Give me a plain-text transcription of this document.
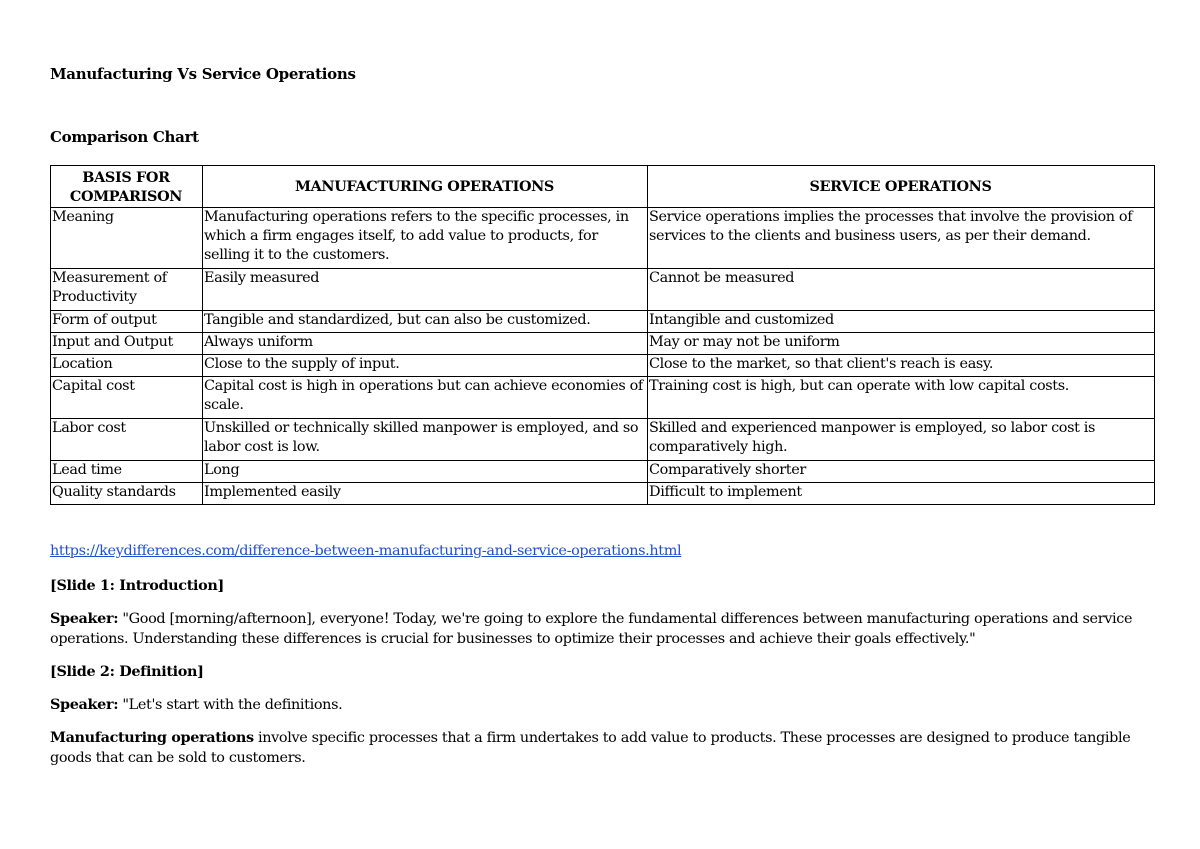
Manufacturing Vs Service Operations
Comparison Chart
BASIS FOR COMPARISON	MANUFACTURING OPERATIONS	SERVICE OPERATIONS
Meaning	Manufacturing operations refers to the specific processes, in which a firm engages itself, to add value to products, for selling it to the customers.	Service operations implies the processes that involve the provision of services to the clients and business users, as per their demand.
Measurement of Productivity	Easily measured	Cannot be measured
Form of output	Tangible and standardized, but can also be customized.	Intangible and customized
Input and Output	Always uniform	May or may not be uniform
Location	Close to the supply of input.	Close to the market, so that client's reach is easy.
Capital cost	Capital cost is high in operations but can achieve economies of scale.	Training cost is high, but can operate with low capital costs.
Labor cost	Unskilled or technically skilled manpower is employed, and so labor cost is low.	Skilled and experienced manpower is employed, so labor cost is comparatively high.
Lead time	Long	Comparatively shorter
Quality standards	Implemented easily	Difficult to implement
https://keydifferences.com/difference-between-manufacturing-and-service-operations.html
[Slide 1: Introduction]
Speaker: "Good [morning/afternoon], everyone! Today, we're going to explore the fundamental differences between manufacturing operations and service operations. Understanding these differences is crucial for businesses to optimize their processes and achieve their goals effectively."
[Slide 2: Definition]
Speaker: "Let's start with the definitions.
Manufacturing operations involve specific processes that a firm undertakes to add value to products. These processes are designed to produce tangible goods that can be sold to customers.
